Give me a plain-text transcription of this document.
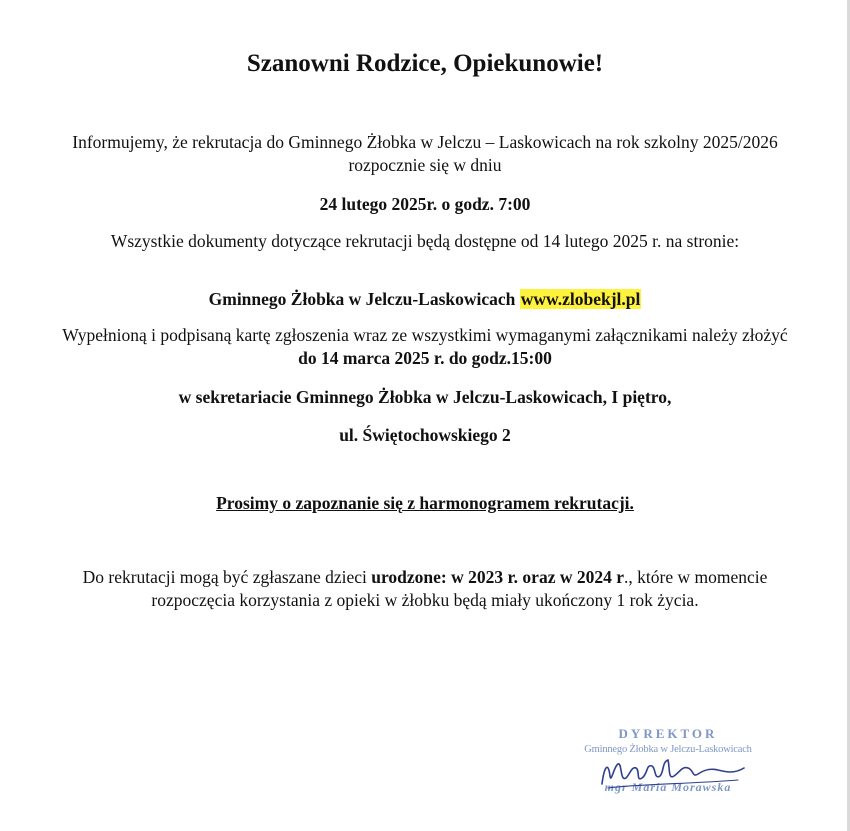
Szanowni Rodzice, Opiekunowie!
Informujemy, że rekrutacja do Gminnego Żłobka w Jelczu – Laskowicach na rok szkolny 2025/2026 rozpocznie się w dniu
24 lutego 2025r. o godz. 7:00
Wszystkie dokumenty dotyczące rekrutacji będą dostępne od 14 lutego 2025 r. na stronie:
Gminnego Żłobka w Jelczu-Laskowicach www.zlobekjl.pl
Wypełnioną i podpisaną kartę zgłoszenia wraz ze wszystkimi wymaganymi załącznikami należy złożyć do 14 marca 2025 r. do godz.15:00
w sekretariacie Gminnego Żłobka w Jelczu-Laskowicach, I piętro,
ul. Świętochowskiego 2
Prosimy o zapoznanie się z harmonogramem rekrutacji.
Do rekrutacji mogą być zgłaszane dzieci urodzone: w 2023 r. oraz w 2024 r., które w momencie rozpoczęcia korzystania z opieki w żłobku będą miały ukończony 1 rok życia.
DYREKTOR
Gminnego Żłobka w Jelczu-Laskowicach
mgr Maria Morawska
